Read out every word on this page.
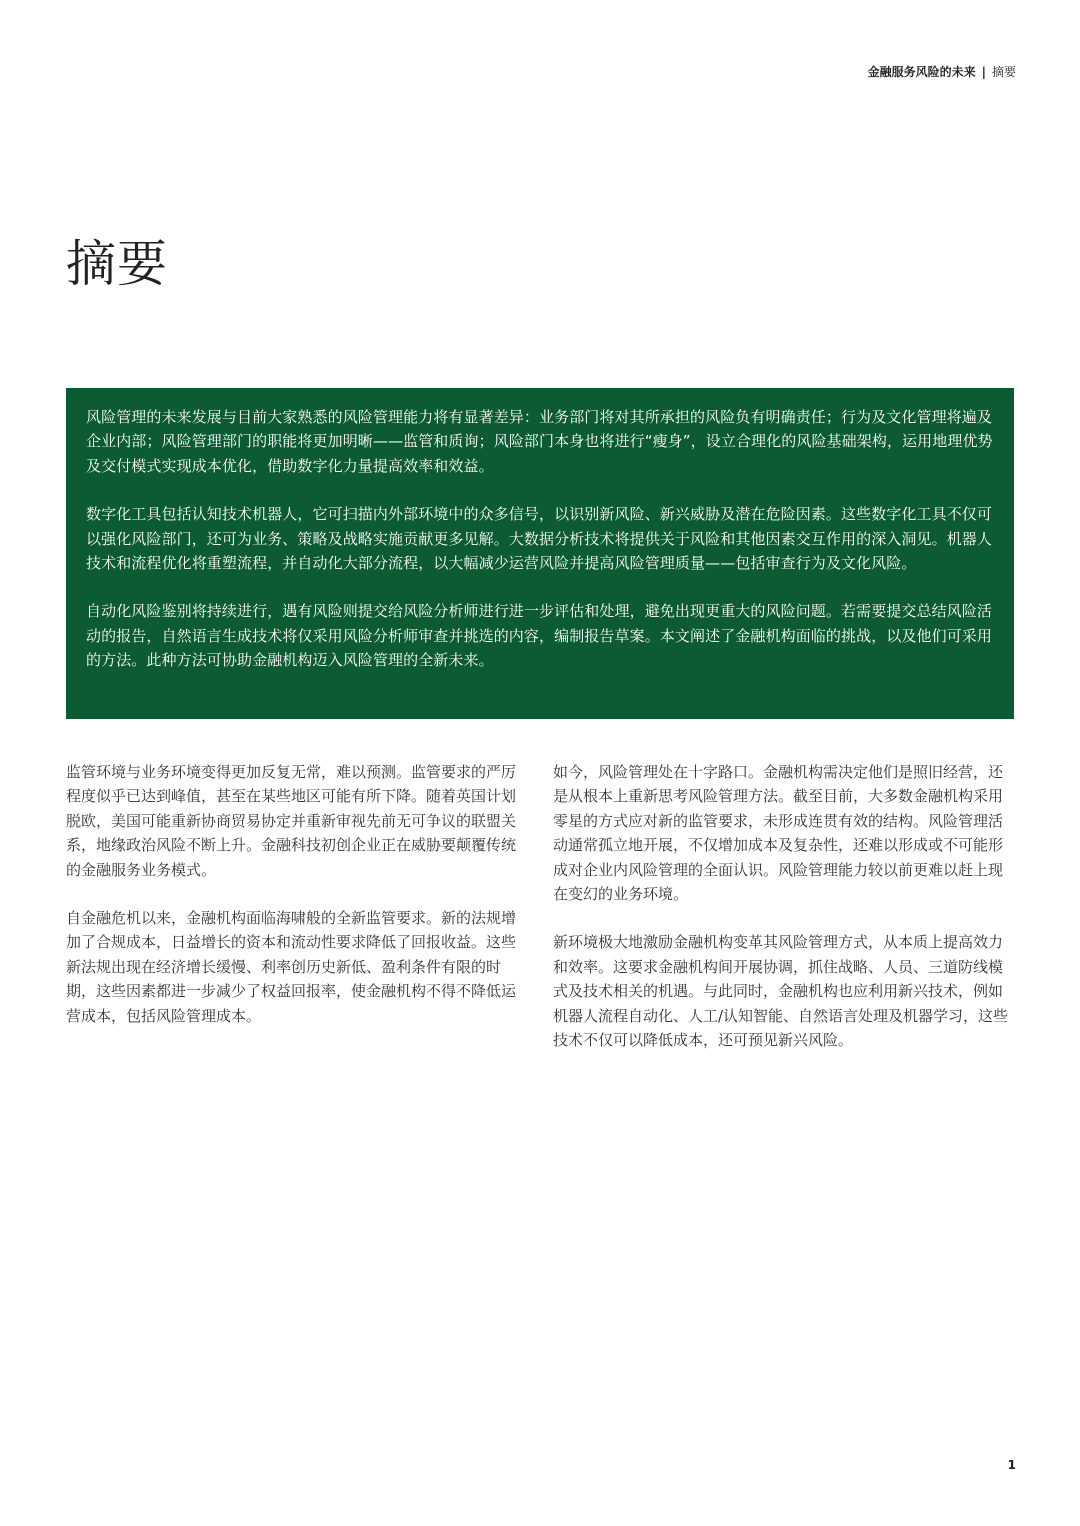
金融服务风险的未来 | 摘要
摘要

风险管理的未来发展与目前大家熟悉的风险管理能力将有显著差异：业务部门将对其所承担的风险负有明确责任；行为及文化管理将遍及企业内部；风险管理部门的职能将更加明晰——监管和质询；风险部门本身也将进行“瘦身”，设立合理化的风险基础架构，运用地理优势及交付模式实现成本优化，借助数字化力量提高效率和效益。

数字化工具包括认知技术机器人，它可扫描内外部环境中的众多信号，以识别新风险、新兴威胁及潜在危险因素。这些数字化工具不仅可以强化风险部门，还可为业务、策略及战略实施贡献更多见解。大数据分析技术将提供关于风险和其他因素交互作用的深入洞见。机器人技术和流程优化将重塑流程，并自动化大部分流程，以大幅减少运营风险并提高风险管理质量——包括审查行为及文化风险。

自动化风险鉴别将持续进行，遇有风险则提交给风险分析师进行进一步评估和处理，避免出现更重大的风险问题。若需要提交总结风险活动的报告，自然语言生成技术将仅采用风险分析师审查并挑选的内容，编制报告草案。本文阐述了金融机构面临的挑战，以及他们可采用的方法。此种方法可协助金融机构迈入风险管理的全新未来。

监管环境与业务环境变得更加反复无常，难以预测。监管要求的严厉程度似乎已达到峰值，甚至在某些地区可能有所下降。随着英国计划脱欧，美国可能重新协商贸易协定并重新审视先前无可争议的联盟关系，地缘政治风险不断上升。金融科技初创企业正在威胁要颠覆传统的金融服务业务模式。

自金融危机以来，金融机构面临海啸般的全新监管要求。新的法规增加了合规成本，日益增长的资本和流动性要求降低了回报收益。这些新法规出现在经济增长缓慢、利率创历史新低、盈利条件有限的时期，这些因素都进一步减少了权益回报率，使金融机构不得不降低运营成本，包括风险管理成本。

如今，风险管理处在十字路口。金融机构需决定他们是照旧经营，还是从根本上重新思考风险管理方法。截至目前，大多数金融机构采用零星的方式应对新的监管要求，未形成连贯有效的结构。风险管理活动通常孤立地开展，不仅增加成本及复杂性，还难以形成或不可能形成对企业内风险管理的全面认识。风险管理能力较以前更难以赶上现在变幻的业务环境。

新环境极大地激励金融机构变革其风险管理方式，从本质上提高效力和效率。这要求金融机构间开展协调，抓住战略、人员、三道防线模式及技术相关的机遇。与此同时，金融机构也应利用新兴技术，例如机器人流程自动化、人工/认知智能、自然语言处理及机器学习，这些技术不仅可以降低成本，还可预见新兴风险。

1
